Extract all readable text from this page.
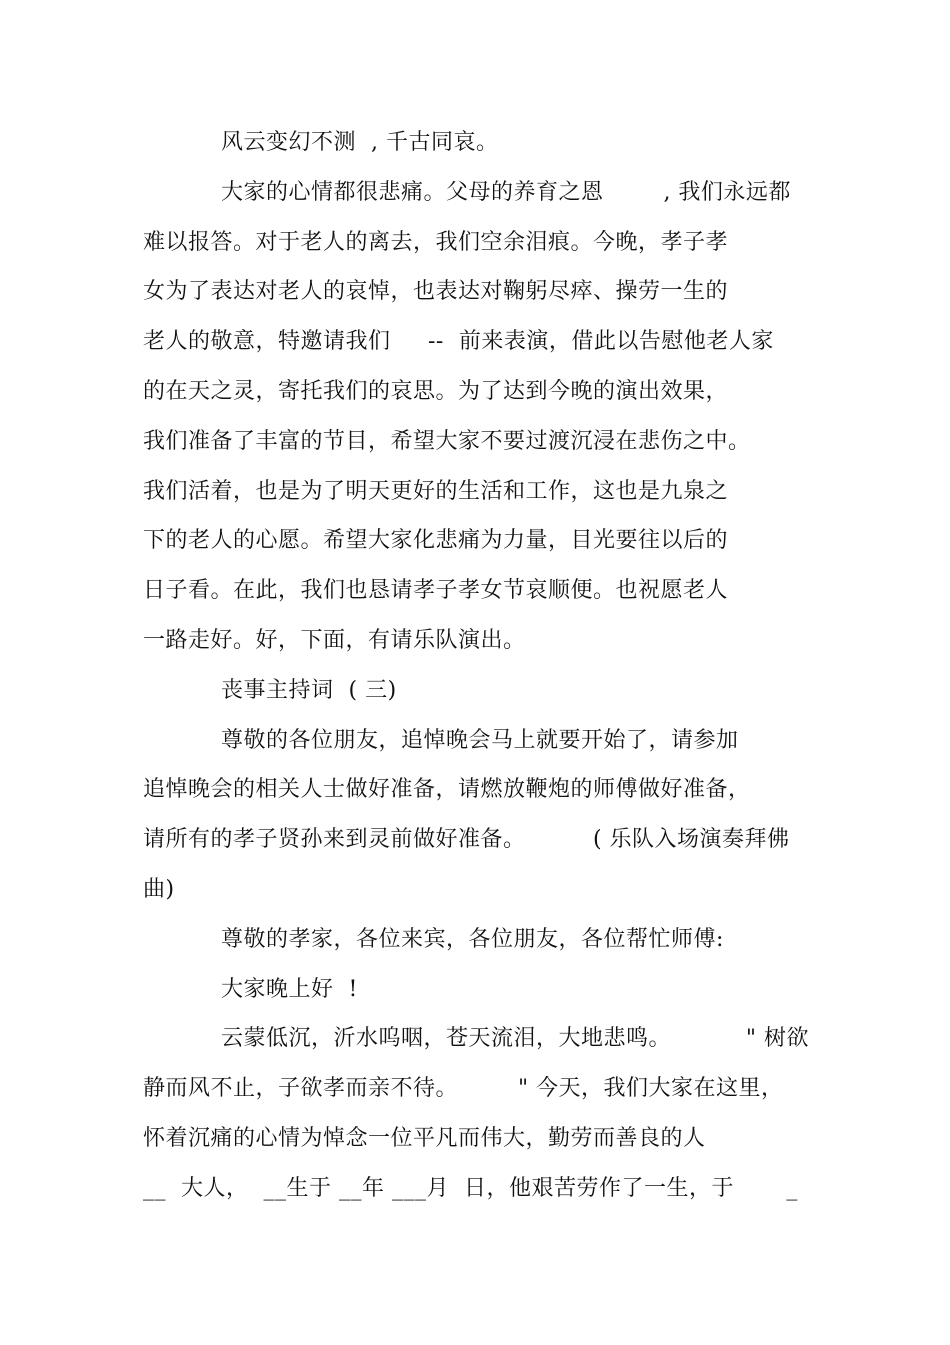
风云变幻不测  , 千古同哀。
大家的心情都很悲痛。父母的养育之恩        , 我们永远都
难以报答。对于老人的离去，我们空余泪痕。今晚，孝子孝
女为了表达对老人的哀悼，也表达对鞠躬尽瘁、操劳一生的
老人的敬意，特邀请我们     --  前来表演，借此以告慰他老人家
的在天之灵，寄托我们的哀思。为了达到今晚的演出效果，
我们准备了丰富的节目，希望大家不要过渡沉浸在悲伤之中。
我们活着，也是为了明天更好的生活和工作，这也是九泉之
下的老人的心愿。希望大家化悲痛为力量，目光要往以后的
日子看。在此，我们也恳请孝子孝女节哀顺便。也祝愿老人
一路走好。好，下面，有请乐队演出。
丧事主持词  ( 三)
尊敬的各位朋友，追悼晚会马上就要开始了，请参加
追悼晚会的相关人士做好准备，请燃放鞭炮的师傅做好准备，
请所有的孝子贤孙来到灵前做好准备。         ( 乐队入场演奏拜佛
曲)
尊敬的孝家，各位来宾，各位朋友，各位帮忙师傅:
大家晚上好  !
云蒙低沉，沂水呜咽，苍天流泪，大地悲鸣。          " 树欲
静而风不止，子欲孝而亲不待。        " 今天，我们大家在这里，
怀着沉痛的心情为悼念一位平凡而伟大，勤劳而善良的人
__  大人，  __生于 __年 ___月  日，他艰苦劳作了一生，于       _
